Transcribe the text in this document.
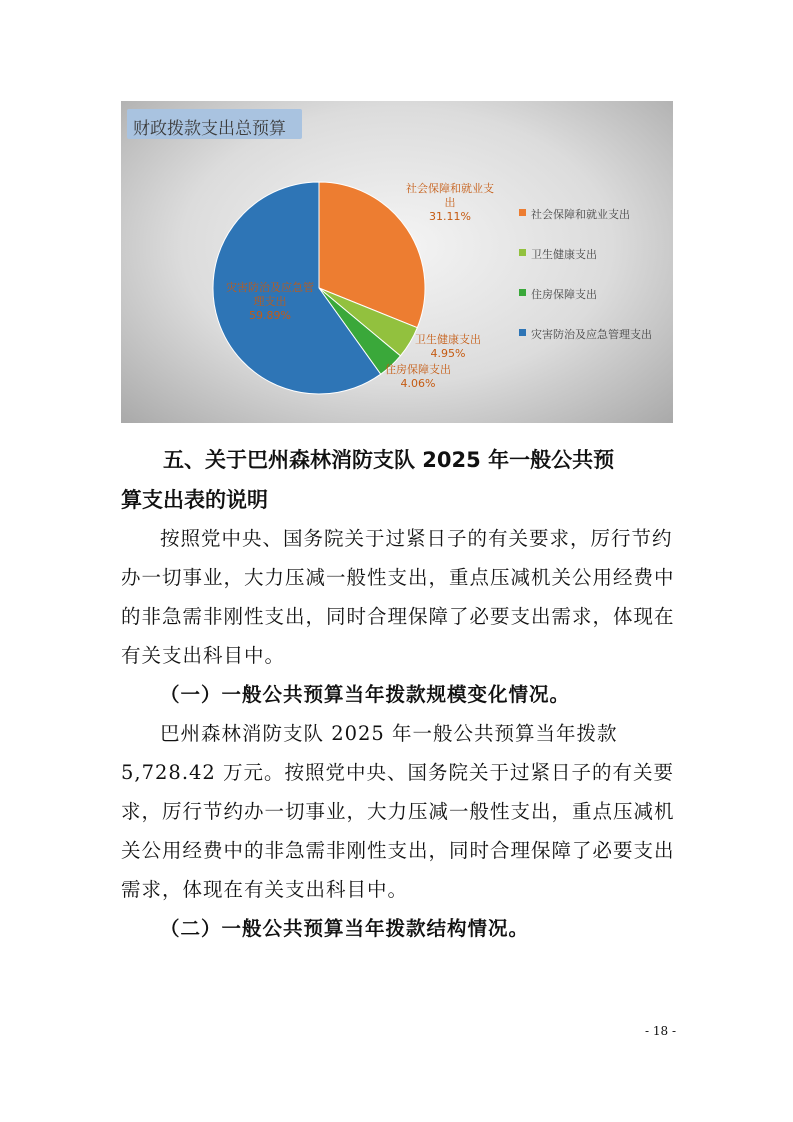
财政拨款支出总预算
社会保障和就业支
出
31.11%
卫生健康支出
4.95%
住房保障支出
4.06%
灾害防治及应急管
理支出
59.89%
社会保障和就业支出
卫生健康支出
住房保障支出
灾害防治及应急管理支出
五、关于巴州森林消防支队 2025 年一般公共预
算支出表的说明
按照党中央、国务院关于过紧日子的有关要求，厉行节约办一切事业，大力压减一般性支出，重点压减机关公用经费中的非急需非刚性支出，同时合理保障了必要支出需求，体现在有关支出科目中。
（一）一般公共预算当年拨款规模变化情况。
巴州森林消防支队 2025 年一般公共预算当年拨款 5,728.42 万元。按照党中央、国务院关于过紧日子的有关要求，厉行节约办一切事业，大力压减一般性支出，重点压减机关公用经费中的非急需非刚性支出，同时合理保障了必要支出需求，体现在有关支出科目中。
（二）一般公共预算当年拨款结构情况。
- 18 -
